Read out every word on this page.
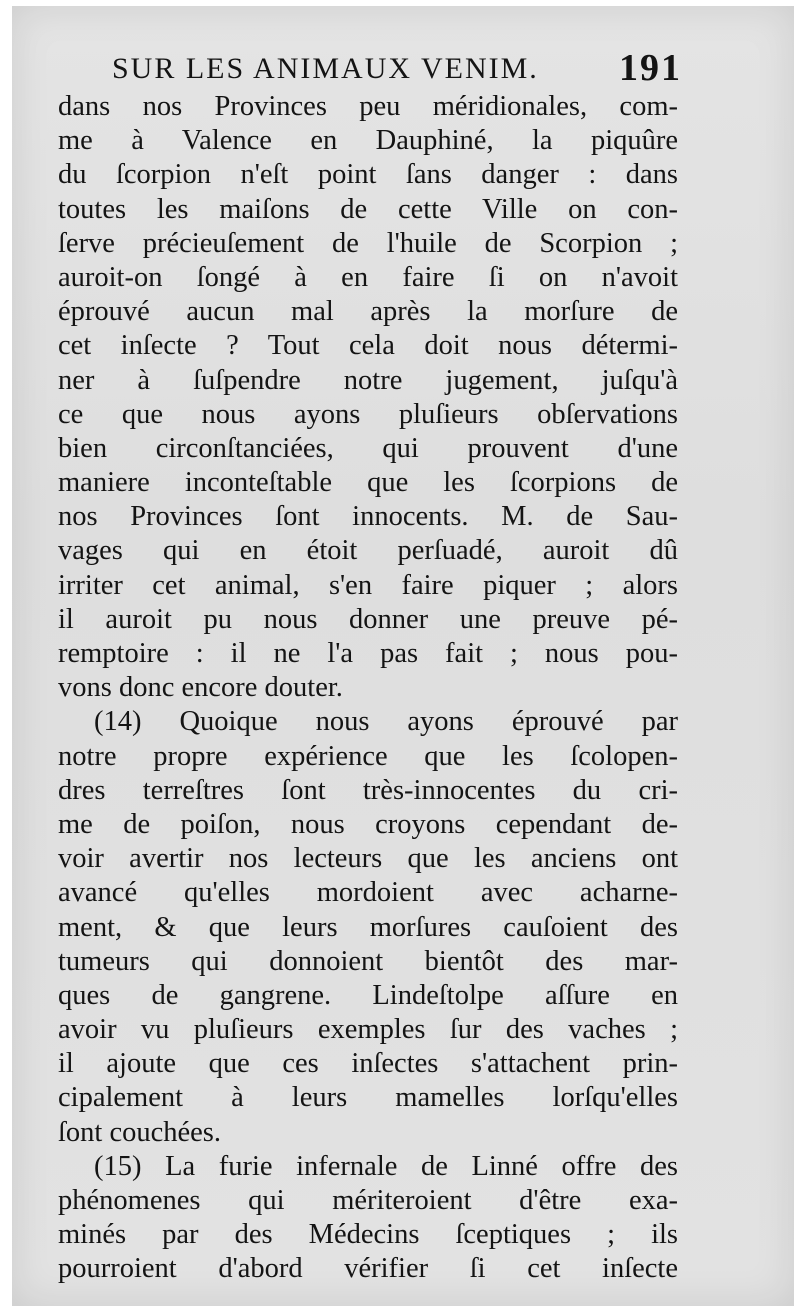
SUR LES ANIMAUX VENIM. 191
dans nos Provinces peu méridionales, com-
me à Valence en Dauphiné, la piquûre
du ſcorpion n'eſt point ſans danger : dans
toutes les maiſons de cette Ville on con-
ſerve précieuſement de l'huile de Scorpion ;
auroit-on ſongé à en faire ſi on n'avoit
éprouvé aucun mal après la morſure de
cet inſecte ? Tout cela doit nous détermi-
ner à ſuſpendre notre jugement, juſqu'à
ce que nous ayons pluſieurs obſervations
bien circonſtanciées, qui prouvent d'une
maniere inconteſtable que les ſcorpions de
nos Provinces ſont innocents. M. de Sau-
vages qui en étoit perſuadé, auroit dû
irriter cet animal, s'en faire piquer ; alors
il auroit pu nous donner une preuve pé-
remptoire : il ne l'a pas fait ; nous pou-
vons donc encore douter.
(14) Quoique nous ayons éprouvé par
notre propre expérience que les ſcolopen-
dres terreſtres ſont très-innocentes du cri-
me de poiſon, nous croyons cependant de-
voir avertir nos lecteurs que les anciens ont
avancé qu'elles mordoient avec acharne-
ment, & que leurs morſures cauſoient des
tumeurs qui donnoient bientôt des mar-
ques de gangrene. Lindeſtolpe aſſure en
avoir vu pluſieurs exemples ſur des vaches ;
il ajoute que ces inſectes s'attachent prin-
cipalement à leurs mamelles lorſqu'elles
ſont couchées.
(15) La furie infernale de Linné offre des
phénomenes qui mériteroient d'être exa-
minés par des Médecins ſceptiques ; ils
pourroient d'abord vérifier ſi cet inſecte
